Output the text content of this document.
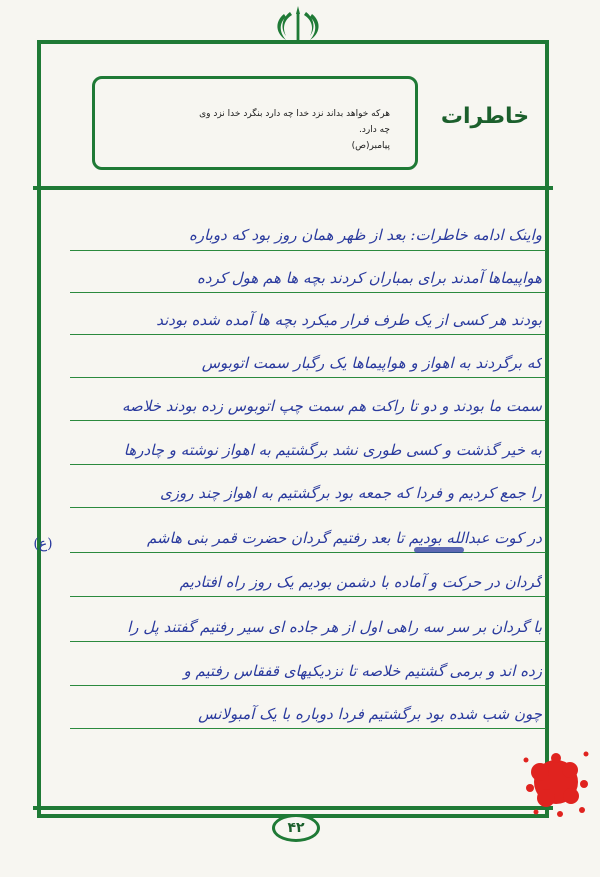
هرکه خواهد بداند نزد خدا چه دارد بنگرد خدا نزد وی
چه دارد.
پیامبر(ص)
خاطرات
واینک ادامه خاطرات: بعد از ظهر همان روز بود که دوباره
هواپیماها آمدند برای بمباران کردند بچه ها هم هول کرده
بودند هر کسی از یک طرف فرار میکرد بچه ها آمده شده بودند
که برگردند به اهواز و هواپیماها یک رگبار سمت اتوبوس
سمت ما بودند و دو تا راکت هم سمت چپ اتوبوس زده بودند خلاصه
به خیر گذشت و کسی طوری نشد برگشتیم به اهواز نوشته و چادرها
را جمع کردیم و فردا که جمعه بود برگشتیم به اهواز چند روزی
در کوت عبدالله بودیم تا بعد رفتیم گردان حضرت قمر بنی هاشم
گردان در حرکت و آماده با دشمن بودیم یک روز راه افتادیم
با گردان بر سر سه راهی اول از هر جاده ای سیر رفتیم گفتند پل را
زده اند و برمی گشتیم خلاصه تا نزدیکیهای قفقاس رفتیم و
چون شب شده بود برگشتیم فردا دوباره با یک آمبولانس
(ع)
۴۲
